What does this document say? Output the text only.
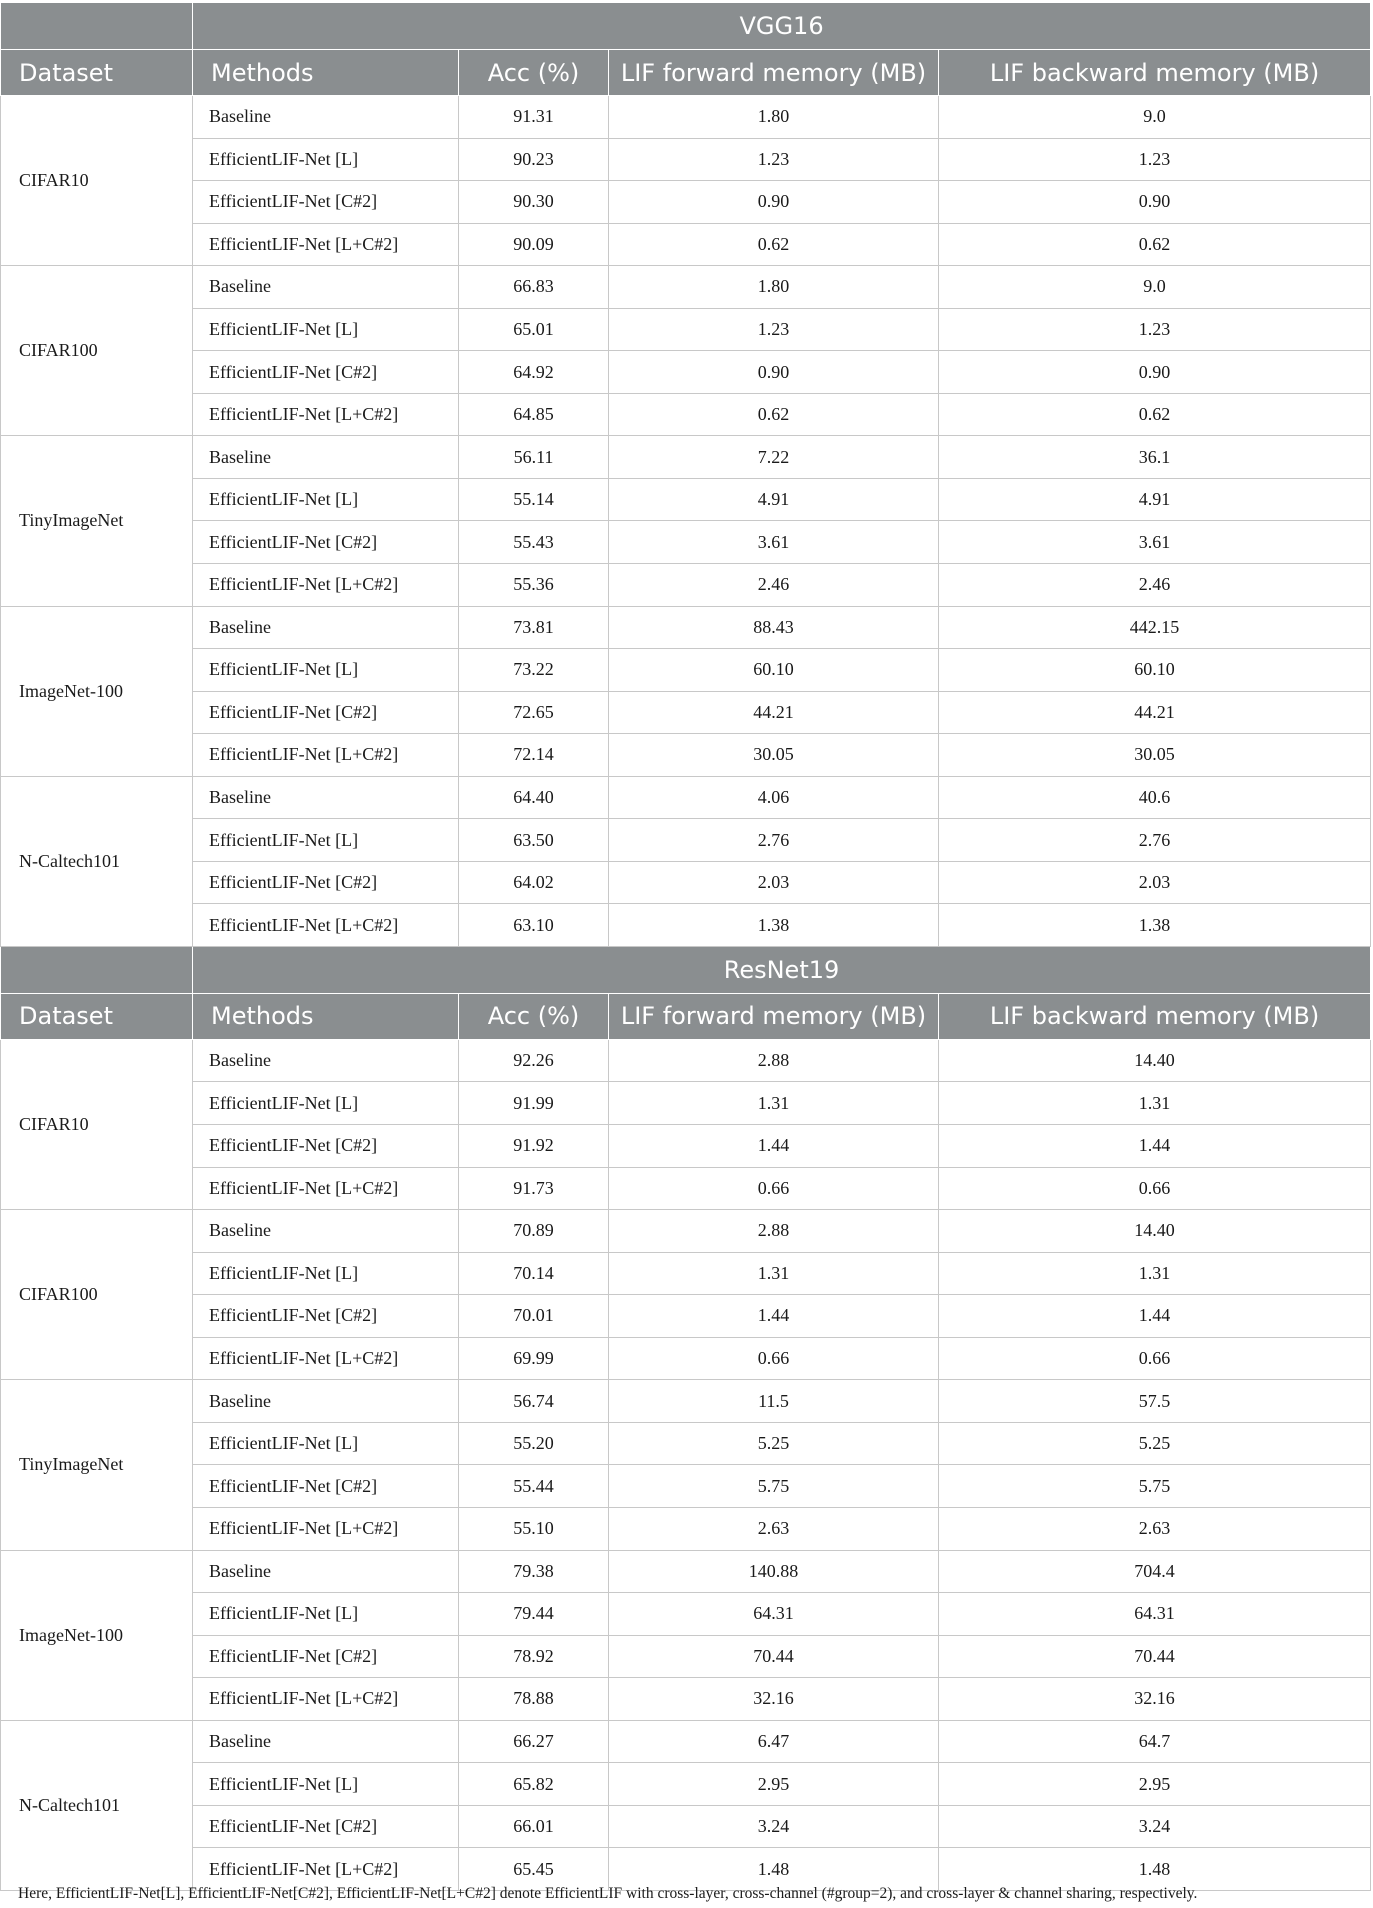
	VGG16			
Dataset	Methods	Acc (%)	LIF forward memory (MB)	LIF backward memory (MB)
CIFAR10	Baseline	91.31	1.80	9.0
	EfficientLIF-Net [L]	90.23	1.23	1.23
	EfficientLIF-Net [C#2]	90.30	0.90	0.90
	EfficientLIF-Net [L+C#2]	90.09	0.62	0.62
CIFAR100	Baseline	66.83	1.80	9.0
	EfficientLIF-Net [L]	65.01	1.23	1.23
	EfficientLIF-Net [C#2]	64.92	0.90	0.90
	EfficientLIF-Net [L+C#2]	64.85	0.62	0.62
TinyImageNet	Baseline	56.11	7.22	36.1
	EfficientLIF-Net [L]	55.14	4.91	4.91
	EfficientLIF-Net [C#2]	55.43	3.61	3.61
	EfficientLIF-Net [L+C#2]	55.36	2.46	2.46
ImageNet-100	Baseline	73.81	88.43	442.15
	EfficientLIF-Net [L]	73.22	60.10	60.10
	EfficientLIF-Net [C#2]	72.65	44.21	44.21
	EfficientLIF-Net [L+C#2]	72.14	30.05	30.05
N-Caltech101	Baseline	64.40	4.06	40.6
	EfficientLIF-Net [L]	63.50	2.76	2.76
	EfficientLIF-Net [C#2]	64.02	2.03	2.03
	EfficientLIF-Net [L+C#2]	63.10	1.38	1.38
	ResNet19			
Dataset	Methods	Acc (%)	LIF forward memory (MB)	LIF backward memory (MB)
CIFAR10	Baseline	92.26	2.88	14.40
	EfficientLIF-Net [L]	91.99	1.31	1.31
	EfficientLIF-Net [C#2]	91.92	1.44	1.44
	EfficientLIF-Net [L+C#2]	91.73	0.66	0.66
CIFAR100	Baseline	70.89	2.88	14.40
	EfficientLIF-Net [L]	70.14	1.31	1.31
	EfficientLIF-Net [C#2]	70.01	1.44	1.44
	EfficientLIF-Net [L+C#2]	69.99	0.66	0.66
TinyImageNet	Baseline	56.74	11.5	57.5
	EfficientLIF-Net [L]	55.20	5.25	5.25
	EfficientLIF-Net [C#2]	55.44	5.75	5.75
	EfficientLIF-Net [L+C#2]	55.10	2.63	2.63
ImageNet-100	Baseline	79.38	140.88	704.4
	EfficientLIF-Net [L]	79.44	64.31	64.31
	EfficientLIF-Net [C#2]	78.92	70.44	70.44
	EfficientLIF-Net [L+C#2]	78.88	32.16	32.16
N-Caltech101	Baseline	66.27	6.47	64.7
	EfficientLIF-Net [L]	65.82	2.95	2.95
	EfficientLIF-Net [C#2]	66.01	3.24	3.24
	EfficientLIF-Net [L+C#2]	65.45	1.48	1.48
Here, EfficientLIF-Net[L], EfficientLIF-Net[C#2], EfficientLIF-Net[L+C#2] denote EfficientLIF with cross-layer, cross-channel (#group=2), and cross-layer & channel sharing, respectively.
